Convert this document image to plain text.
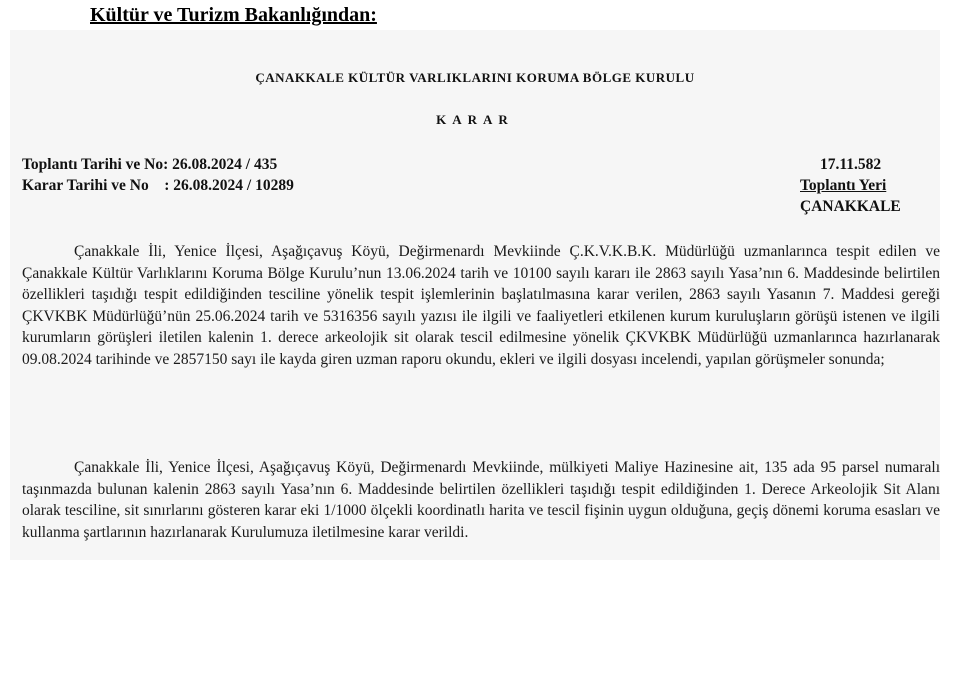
Kültür ve Turizm Bakanlığından:
ÇANAKKALE KÜLTÜR VARLIKLARINI KORUMA BÖLGE KURULU
KARAR
Toplantı Tarihi ve No: 26.08.2024 / 435
Karar Tarihi ve No    : 26.08.2024 / 10289
17.11.582
Toplantı Yeri
ÇANAKKALE
Çanakkale İli, Yenice İlçesi, Aşağıçavuş Köyü, Değirmenardı Mevkiinde Ç.K.V.K.B.K. Müdürlüğü uzmanlarınca tespit edilen ve Çanakkale Kültür Varlıklarını Koruma Bölge Kurulu’nun 13.06.2024 tarih ve 10100 sayılı kararı ile 2863 sayılı Yasa’nın 6. Maddesinde belirtilen özellikleri taşıdığı tespit edildiğinden tesciline yönelik tespit işlemlerinin başlatılmasına karar verilen, 2863 sayılı Yasanın 7. Maddesi gereği ÇKVKBK Müdürlüğü’nün 25.06.2024 tarih ve 5316356 sayılı yazısı ile ilgili ve faaliyetleri etkilenen kurum kuruluşların görüşü istenen ve ilgili kurumların görüşleri iletilen kalenin 1. derece arkeolojik sit olarak tescil edilmesine yönelik ÇKVKBK Müdürlüğü uzmanlarınca hazırlanarak 09.08.2024 tarihinde ve 2857150 sayı ile kayda giren uzman raporu okundu, ekleri ve ilgili dosyası incelendi, yapılan görüşmeler sonunda;
Çanakkale İli, Yenice İlçesi, Aşağıçavuş Köyü, Değirmenardı Mevkiinde, mülkiyeti Maliye Hazinesine ait, 135 ada 95 parsel numaralı taşınmazda bulunan kalenin 2863 sayılı Yasa’nın 6. Maddesinde belirtilen özellikleri taşıdığı tespit edildiğinden 1. Derece Arkeolojik Sit Alanı olarak tesciline, sit sınırlarını gösteren karar eki 1/1000 ölçekli koordinatlı harita ve tescil fişinin uygun olduğuna, geçiş dönemi koruma esasları ve kullanma şartlarının hazırlanarak Kurulumuza iletilmesine karar verildi.
